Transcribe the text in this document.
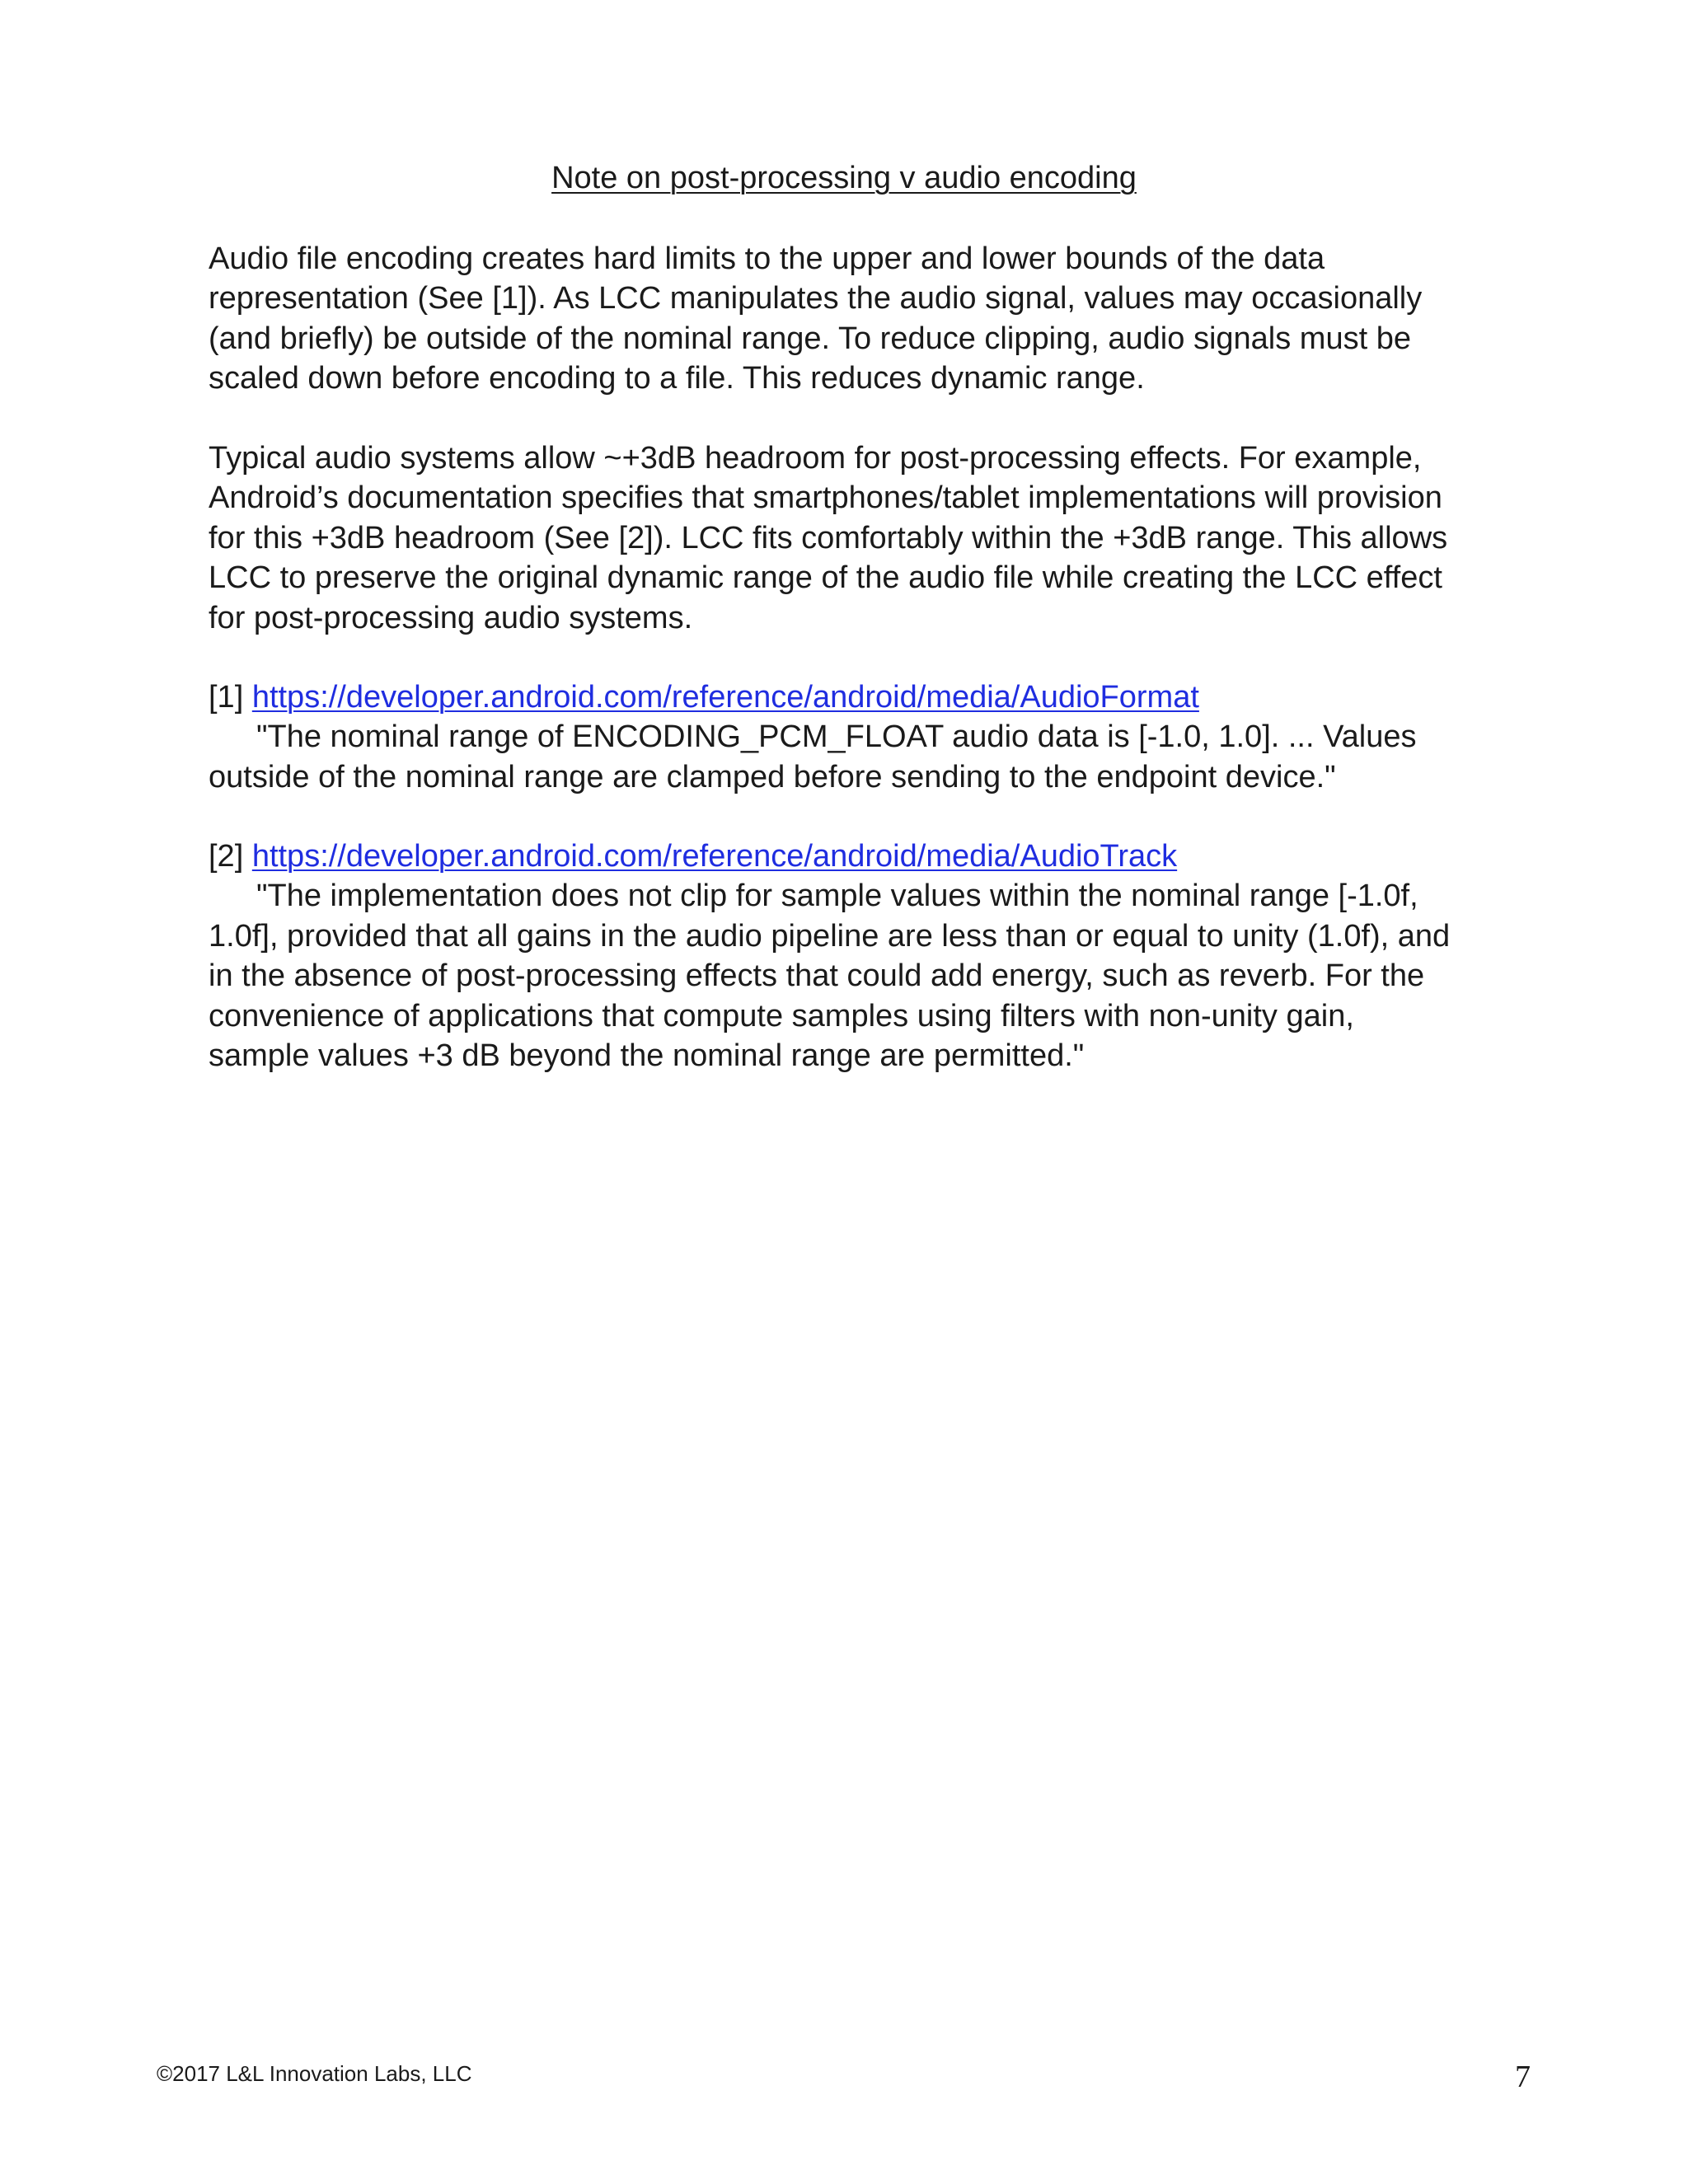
Note on post-processing v audio encoding
Audio file encoding creates hard limits to the upper and lower bounds of the data
representation (See [1]). As LCC manipulates the audio signal, values may occasionally
(and briefly) be outside of the nominal range. To reduce clipping, audio signals must be
scaled down before encoding to a file. This reduces dynamic range.
Typical audio systems allow ~+3dB headroom for post-processing effects. For example,
Android’s documentation specifies that smartphones/tablet implementations will provision
for this +3dB headroom (See [2]). LCC fits comfortably within the +3dB range. This allows
LCC to preserve the original dynamic range of the audio file while creating the LCC effect
for post-processing audio systems.
[1] https://developer.android.com/reference/android/media/AudioFormat
"The nominal range of ENCODING_PCM_FLOAT audio data is [-1.0, 1.0]. ... Values
outside of the nominal range are clamped before sending to the endpoint device."
[2] https://developer.android.com/reference/android/media/AudioTrack
"The implementation does not clip for sample values within the nominal range [-1.0f,
1.0f], provided that all gains in the audio pipeline are less than or equal to unity (1.0f), and
in the absence of post-processing effects that could add energy, such as reverb. For the
convenience of applications that compute samples using filters with non-unity gain,
sample values +3 dB beyond the nominal range are permitted."
©2017 L&L Innovation Labs, LLC	7
